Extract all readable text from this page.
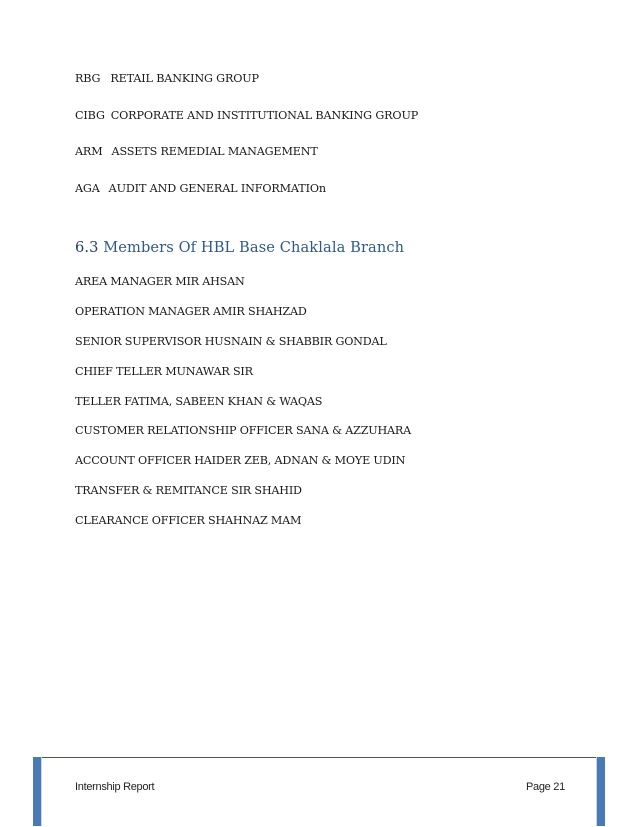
RBG RETAIL BANKING GROUP
CIBG CORPORATE AND INSTITUTIONAL BANKING GROUP
ARM ASSETS REMEDIAL MANAGEMENT
AGA AUDIT AND GENERAL INFORMATIOn
6.3 Members Of HBL Base Chaklala Branch
AREA MANAGER MIR AHSAN
OPERATION MANAGER AMIR SHAHZAD
SENIOR SUPERVISOR HUSNAIN & SHABBIR GONDAL
CHIEF TELLER MUNAWAR SIR
TELLER FATIMA, SABEEN KHAN & WAQAS
CUSTOMER RELATIONSHIP OFFICER SANA & AZZUHARA
ACCOUNT OFFICER HAIDER ZEB, ADNAN & MOYE UDIN
TRANSFER & REMITANCE SIR SHAHID
CLEARANCE OFFICER SHAHNAZ MAM
Internship Report	Page 21
